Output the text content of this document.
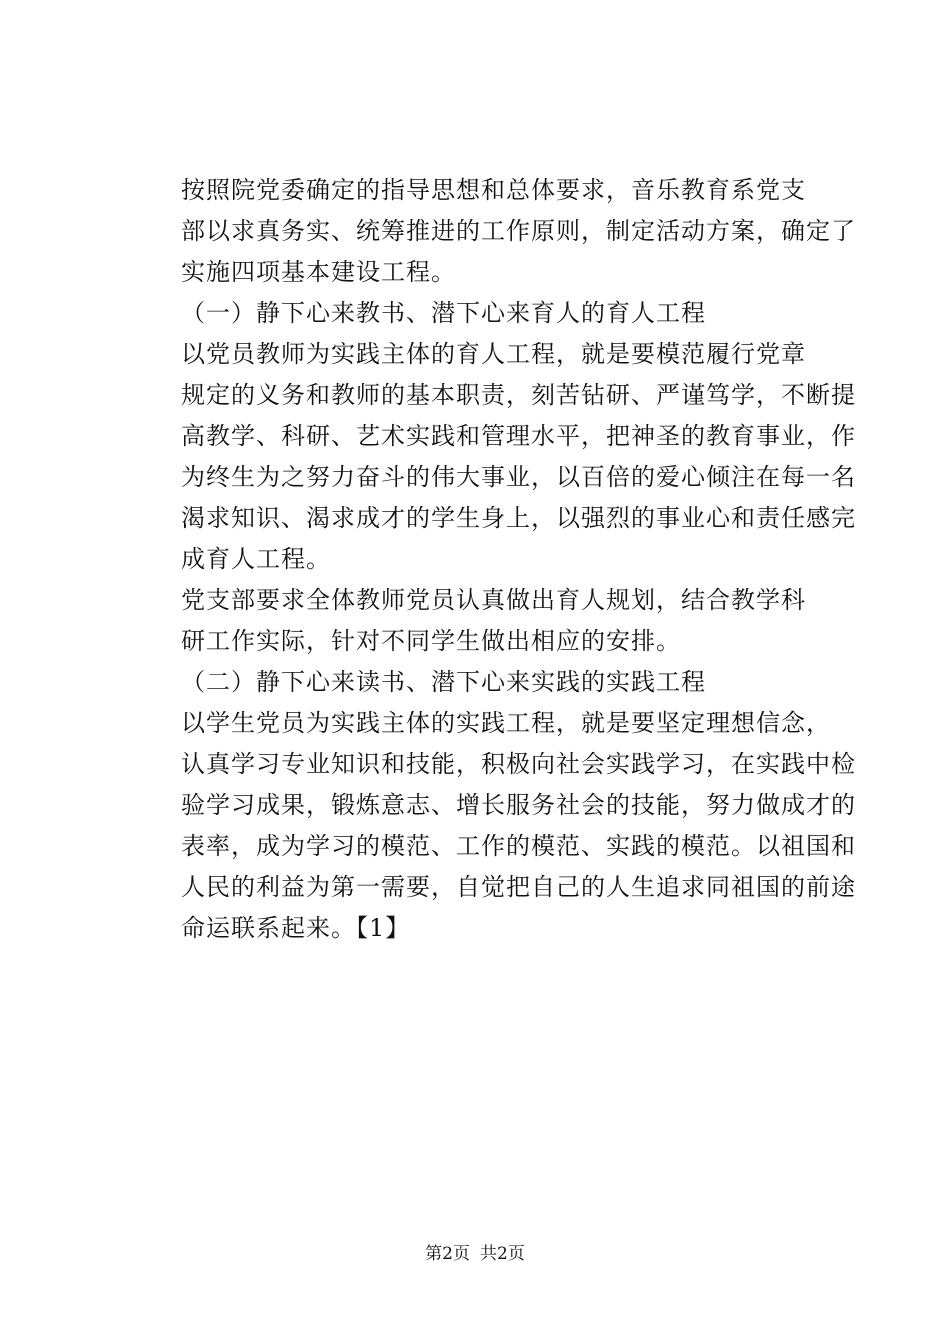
按照院党委确定的指导思想和总体要求，音乐教育系党支
部以求真务实、统筹推进的工作原则，制定活动方案，确定了
实施四项基本建设工程。

（一）静下心来教书、潜下心来育人的育人工程

以党员教师为实践主体的育人工程，就是要模范履行党章
规定的义务和教师的基本职责，刻苦钻研、严谨笃学，不断提
高教学、科研、艺术实践和管理水平，把神圣的教育事业，作
为终生为之努力奋斗的伟大事业，以百倍的爱心倾注在每一名
渴求知识、渴求成才的学生身上，以强烈的事业心和责任感完
成育人工程。

党支部要求全体教师党员认真做出育人规划，结合教学科
研工作实际，针对不同学生做出相应的安排。

（二）静下心来读书、潜下心来实践的实践工程

以学生党员为实践主体的实践工程，就是要坚定理想信念，
认真学习专业知识和技能，积极向社会实践学习，在实践中检
验学习成果，锻炼意志、增长服务社会的技能，努力做成才的
表率，成为学习的模范、工作的模范、实践的模范。以祖国和
人民的利益为第一需要，自觉把自己的人生追求同祖国的前途
命运联系起来。【1】

第2页 共2页
